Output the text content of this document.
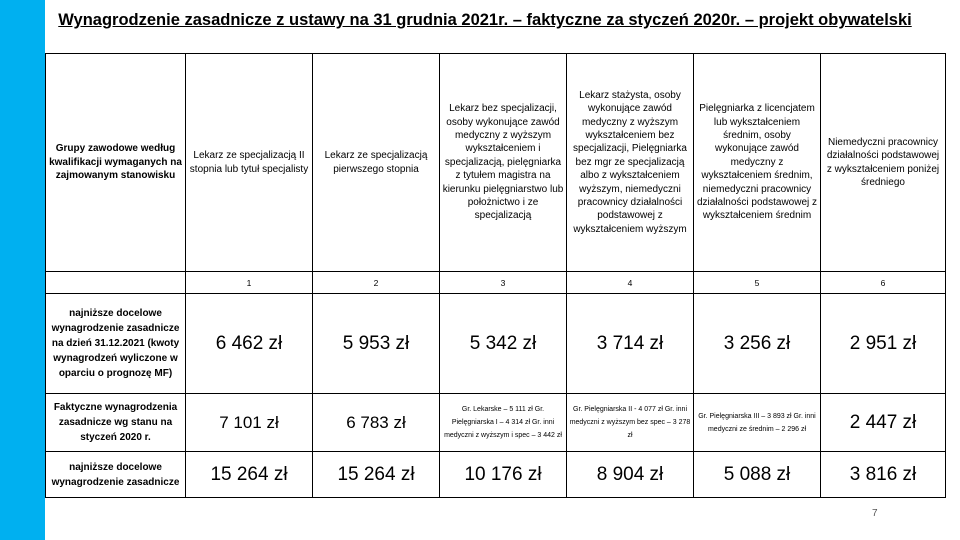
Wynagrodzenie zasadnicze z ustawy na 31 grudnia 2021r. – faktyczne za styczeń 2020r. – projekt obywatelski
Grupy zawodowe według kwalifikacji wymaganych na zajmowanym stanowisku	Lekarz ze specjalizacją II stopnia lub tytuł specjalisty	Lekarz ze specjalizacją pierwszego stopnia	Lekarz bez specjalizacji, osoby wykonujące zawód medyczny z wyższym wykształceniem i specjalizacją, pielęgniarka z tytułem magistra na kierunku pielęgniarstwo lub położnictwo i ze specjalizacją	Lekarz stażysta, osoby wykonujące zawód medyczny z wyższym wykształceniem bez specjalizacji, Pielęgniarka bez mgr ze specjalizacją albo z wykształceniem wyższym, niemedyczni pracownicy działalności podstawowej z wykształceniem wyższym	Pielęgniarka z licencjatem lub wykształceniem średnim, osoby wykonujące zawód medyczny z wykształceniem średnim, niemedyczni pracownicy działalności podstawowej z wykształceniem średnim	Niemedyczni pracownicy działalności podstawowej z wykształceniem poniżej średniego
	1	2	3	4	5	6
najniższe docelowe wynagrodzenie zasadnicze na dzień 31.12.2021 (kwoty wynagrodzeń wyliczone w oparciu o prognozę MF)	6 462 zł	5 953 zł	5 342 zł	3 714 zł	3 256 zł	2 951 zł
Faktyczne wynagrodzenia zasadnicze wg stanu na styczeń 2020 r.	7 101 zł	6 783 zł	Gr. Lekarske – 5 111 zł Gr. Pielęgniarska I – 4 314 zł Gr. inni medyczni z wyższym i spec – 3 442 zł	Gr. Pielęgniarska II - 4 077 zł Gr. inni medyczni z wyższym bez spec – 3 278 zł	Gr. Pielęgniarska III – 3 893 zł Gr. inni medyczni ze średnim – 2 296 zł	2 447 zł
najniższe docelowe wynagrodzenie zasadnicze	15 264 zł	15 264 zł	10 176 zł	8 904 zł	5 088 zł	3 816 zł
7
